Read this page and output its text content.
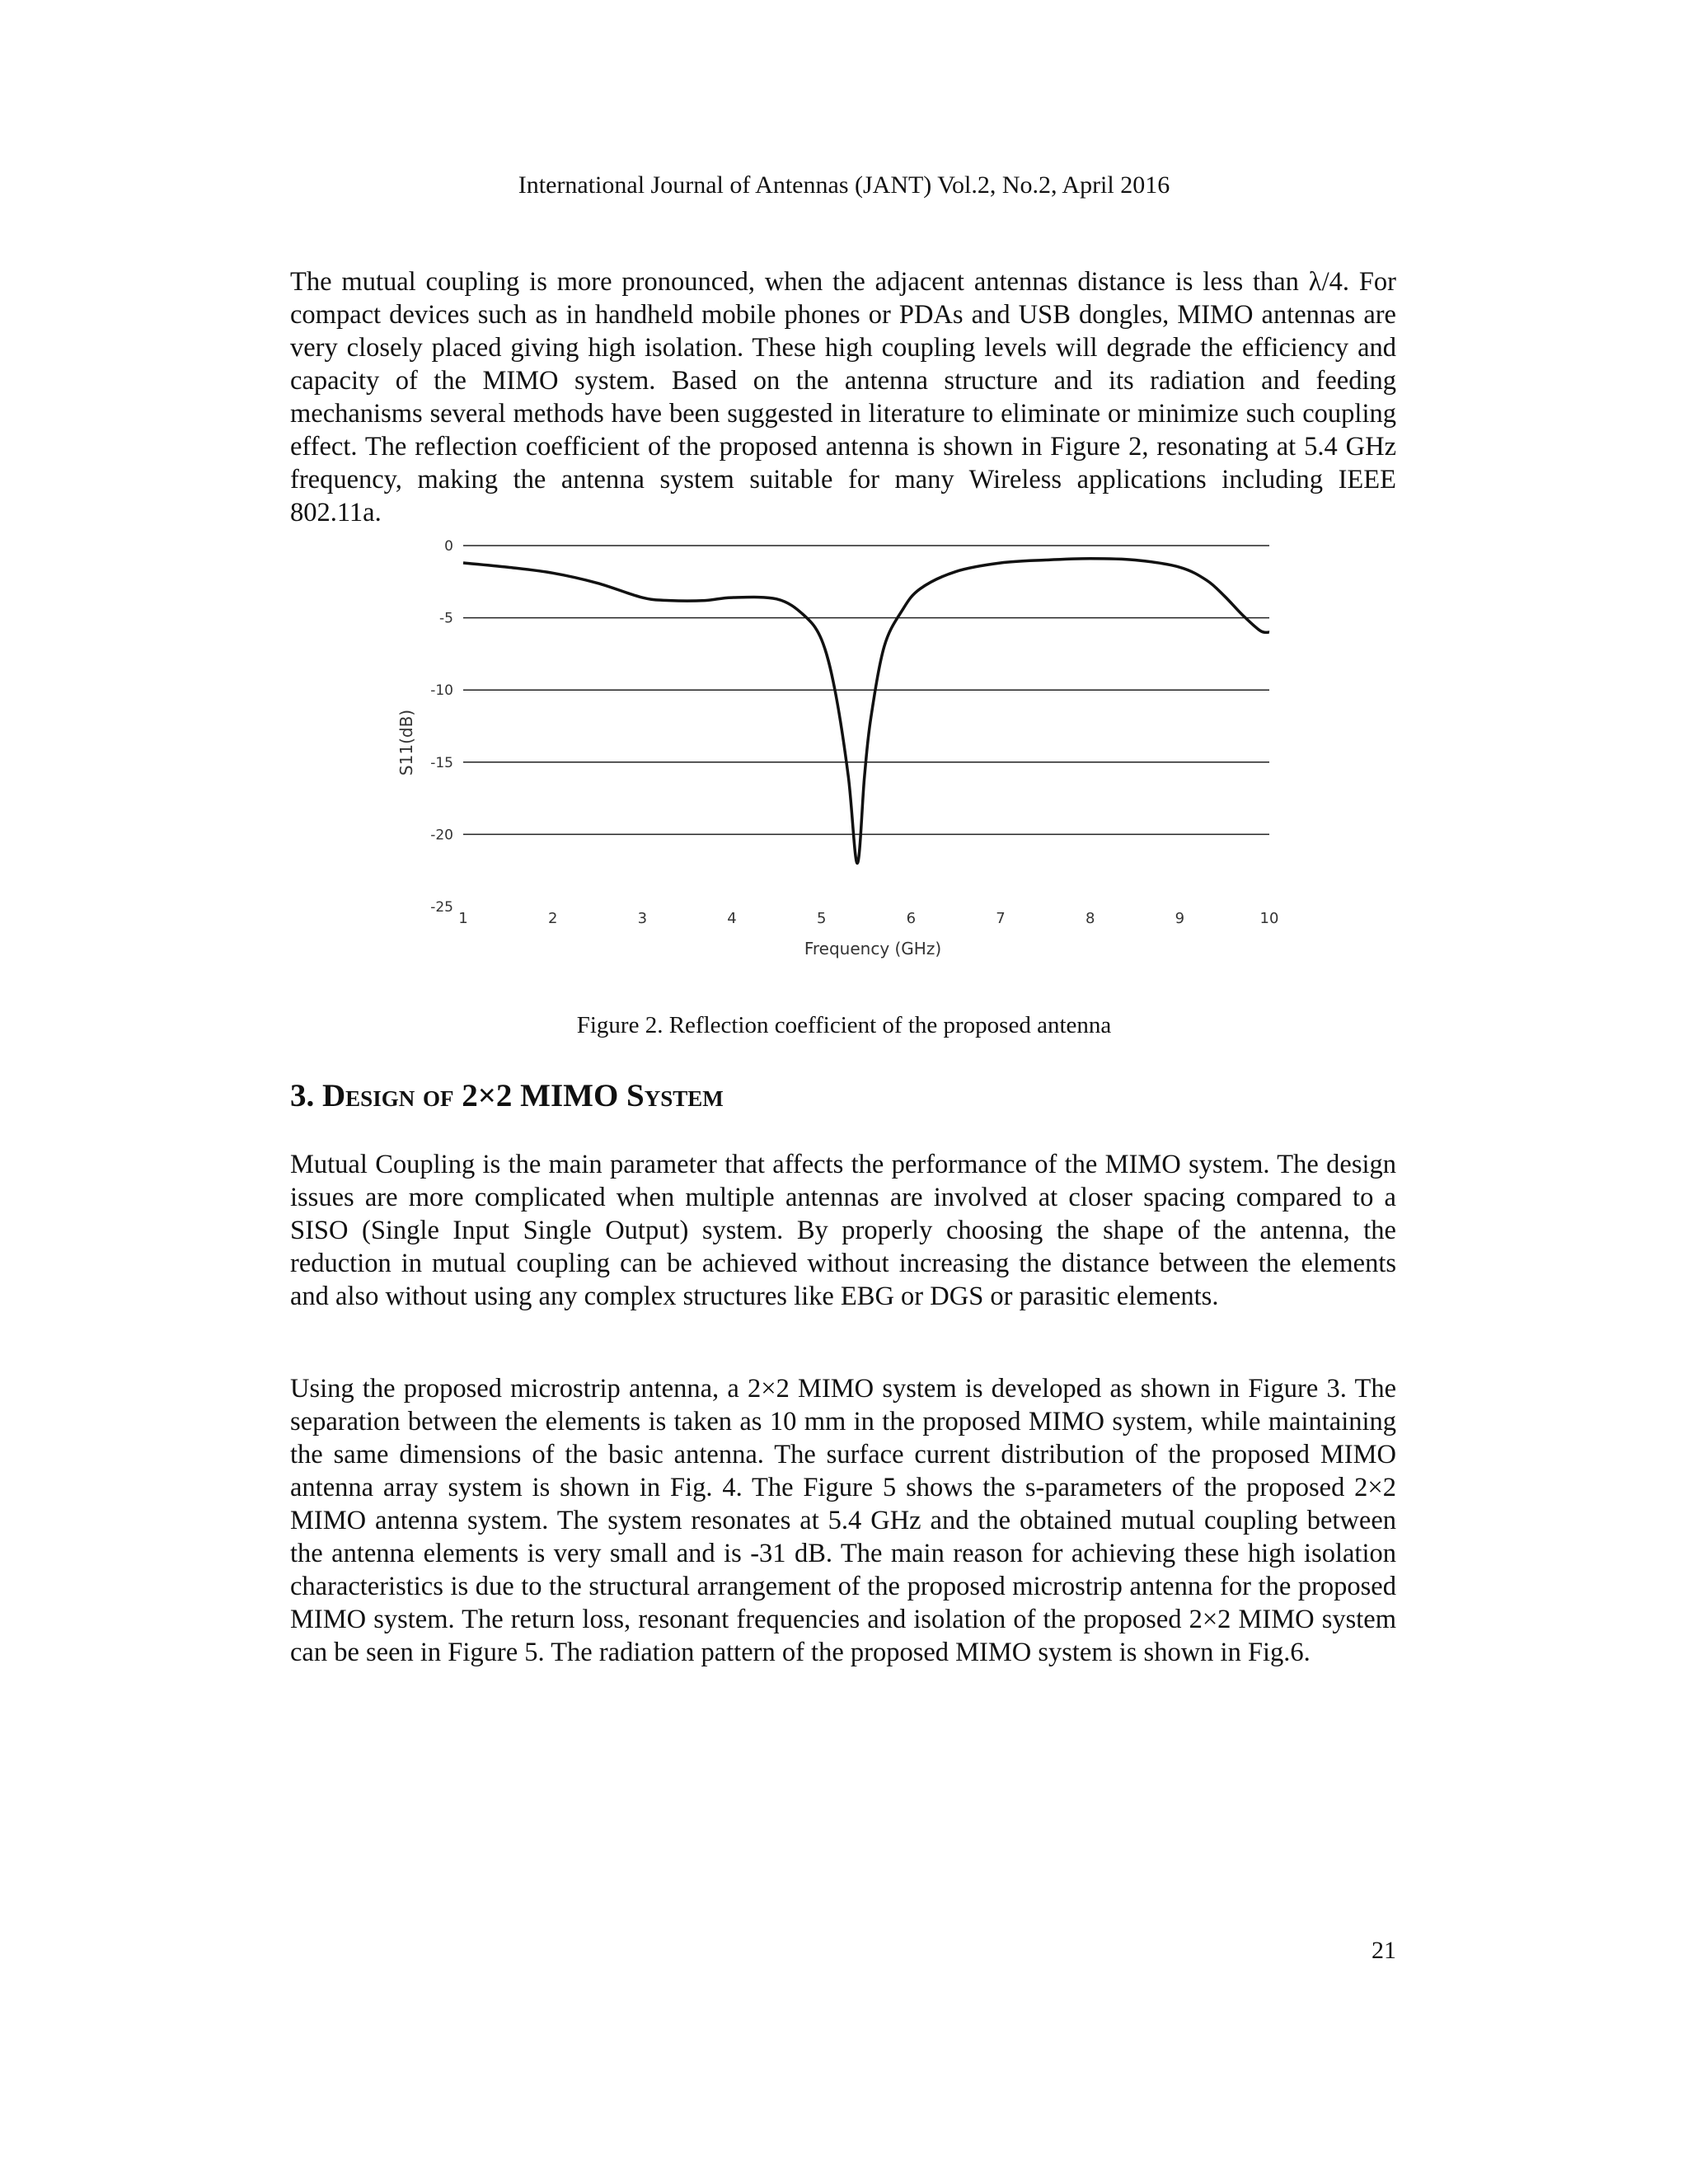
International Journal of Antennas (JANT) Vol.2, No.2, April 2016

The mutual coupling is more pronounced, when the adjacent antennas distance is less than λ/4. For compact devices such as in handheld mobile phones or PDAs and USB dongles, MIMO antennas are very closely placed giving high isolation. These high coupling levels will degrade the efficiency and capacity of the MIMO system. Based on the antenna structure and its radiation and feeding mechanisms several methods have been suggested in literature to eliminate or minimize such coupling effect. The reflection coefficient of the proposed antenna is shown in Figure 2, resonating at 5.4 GHz frequency, making the antenna system suitable for many Wireless applications including IEEE 802.11a.

0
-5
-10
-15
-20
-25
1	2	3	4	5	6	7	8	9	10
S11(dB)
Frequency (GHz)
Figure 2. Reflection coefficient of the proposed antenna
3. Design of 2×2 MIMO System

Mutual Coupling is the main parameter that affects the performance of the MIMO system. The design issues are more complicated when multiple antennas are involved at closer spacing compared to a SISO (Single Input Single Output) system. By properly choosing the shape of the antenna, the reduction in mutual coupling can be achieved without increasing the distance between the elements and also without using any complex structures like EBG or DGS or parasitic elements.

Using the proposed microstrip antenna, a 2×2 MIMO system is developed as shown in Figure 3. The separation between the elements is taken as 10 mm in the proposed MIMO system, while maintaining the same dimensions of the basic antenna. The surface current distribution of the proposed MIMO antenna array system is shown in Fig. 4. The Figure 5 shows the s-parameters of the proposed 2×2 MIMO antenna system. The system resonates at 5.4 GHz and the obtained mutual coupling between the antenna elements is very small and is -31 dB. The main reason for achieving these high isolation characteristics is due to the structural arrangement of the proposed microstrip antenna for the proposed MIMO system. The return loss, resonant frequencies and isolation of the proposed 2×2 MIMO system can be seen in Figure 5. The radiation pattern of the proposed MIMO system is shown in Fig.6.

21
